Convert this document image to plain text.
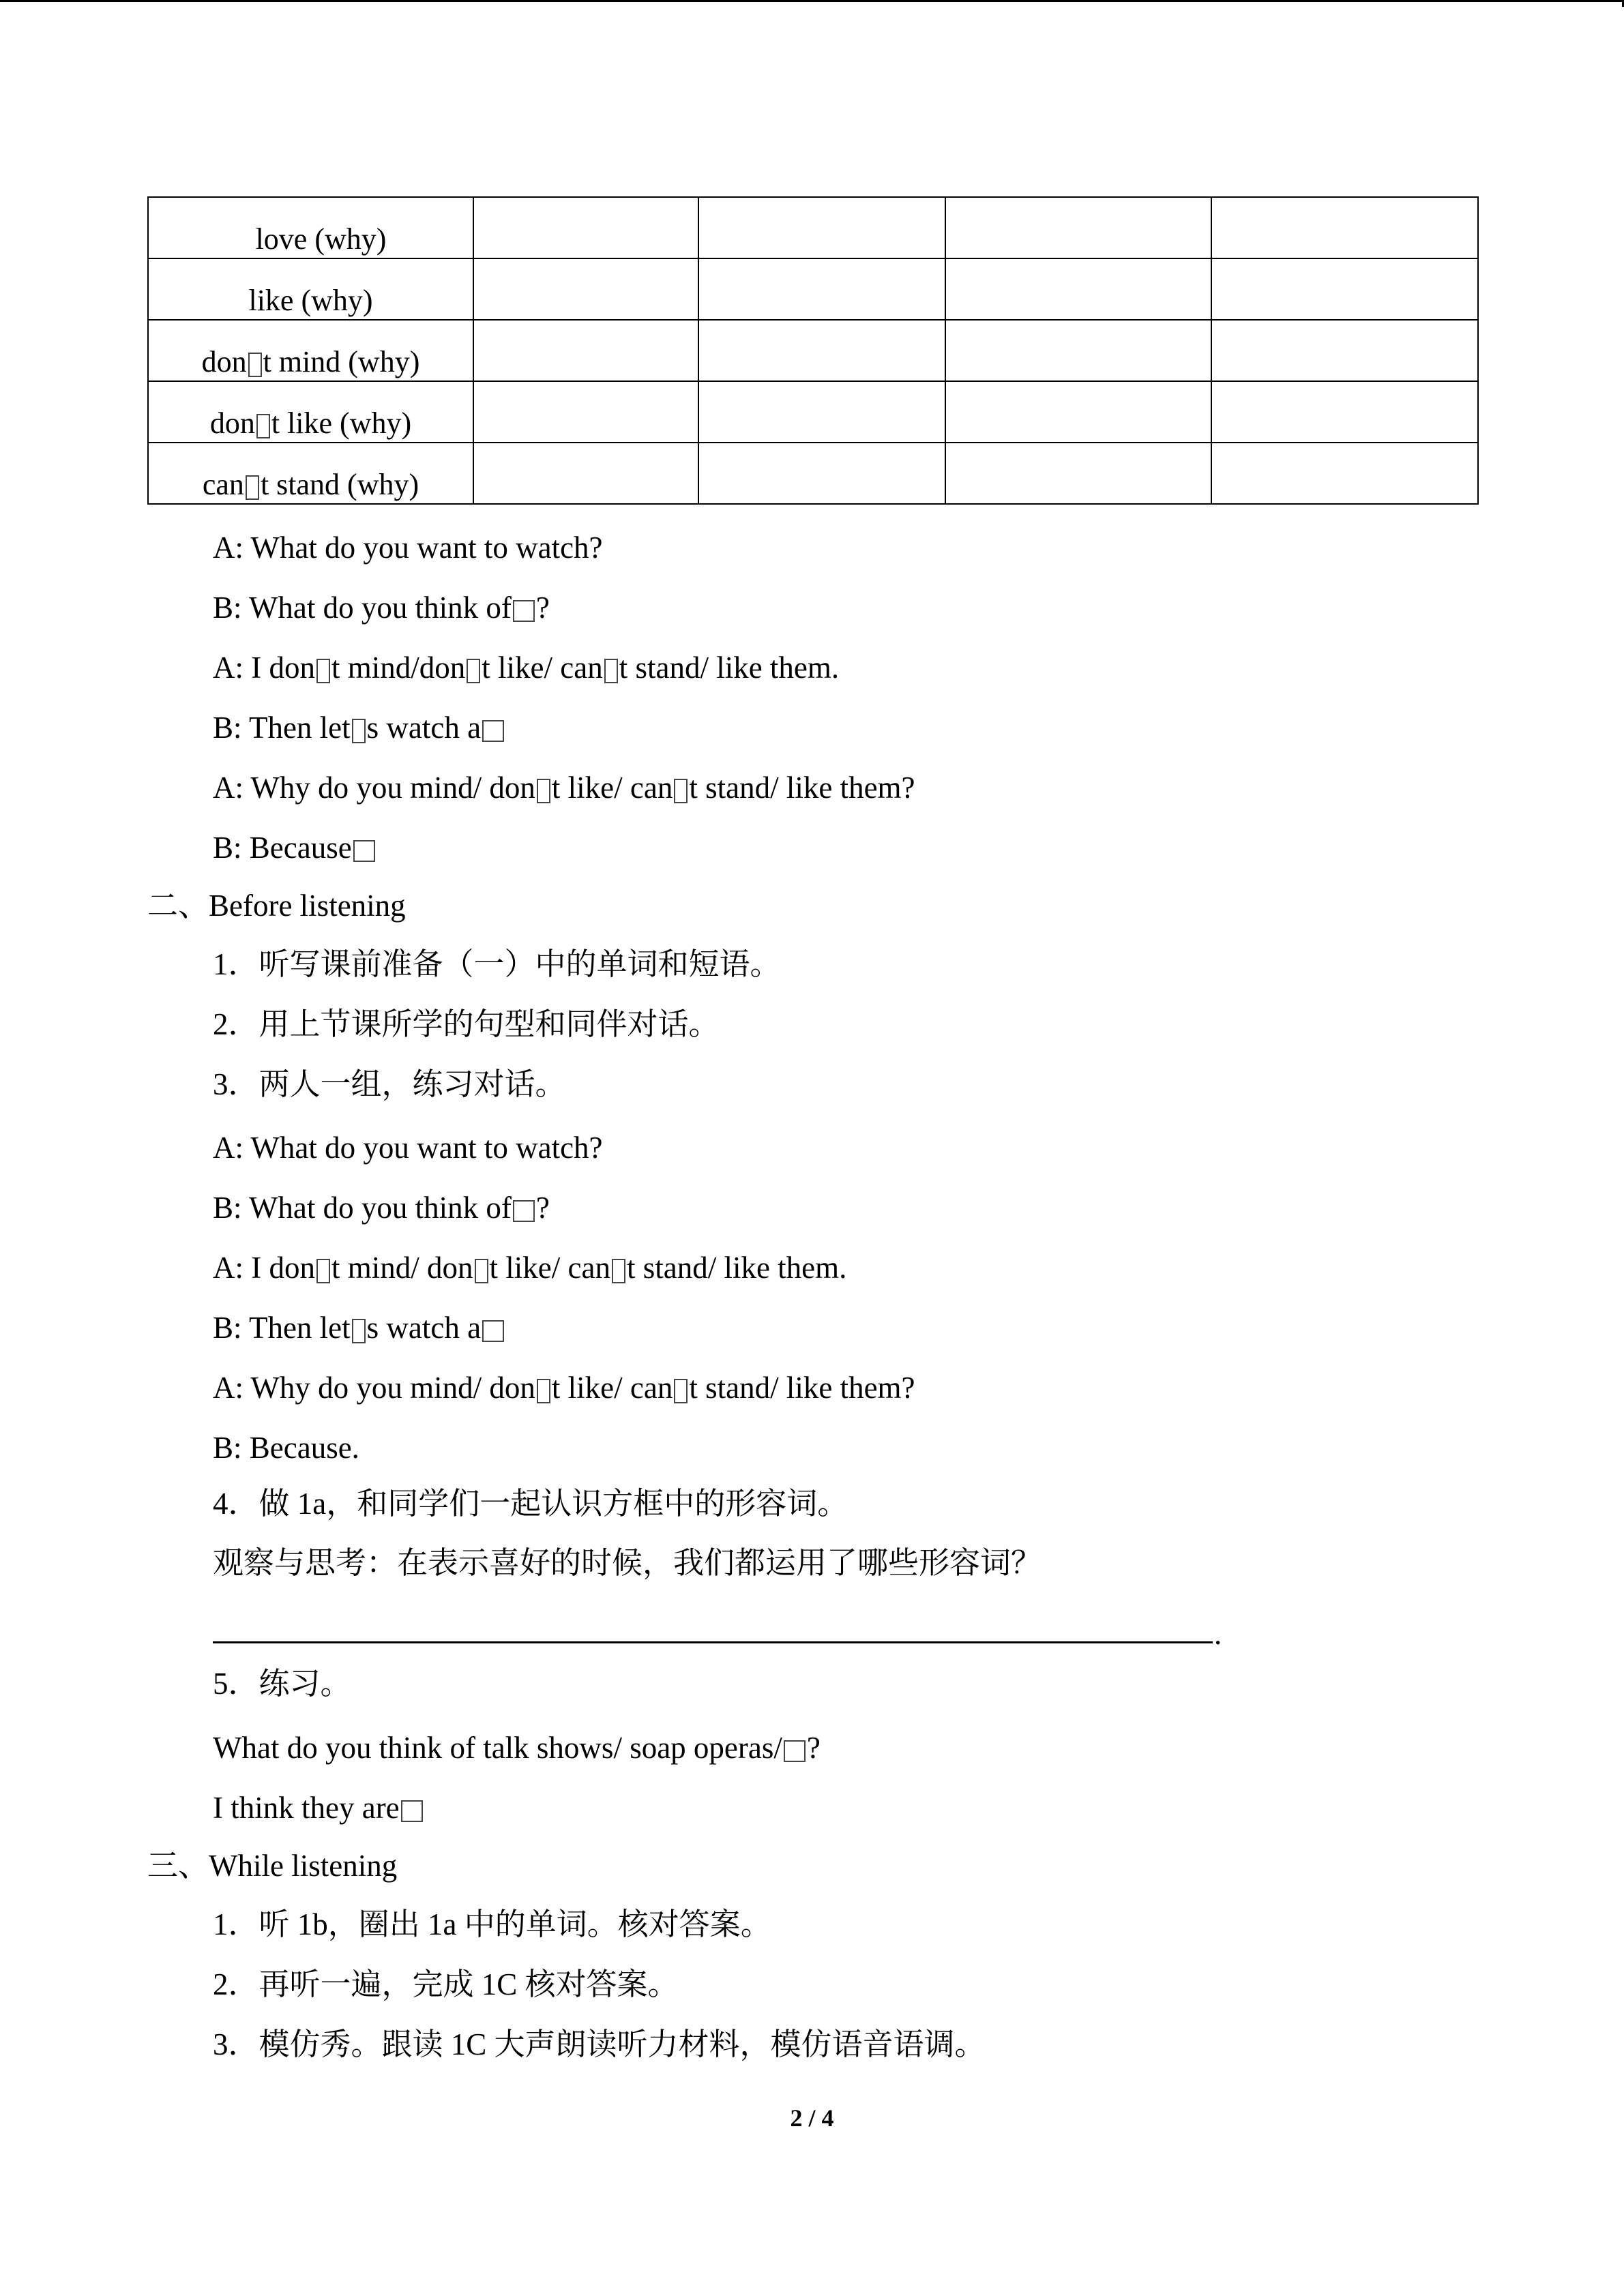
love (why)				
like (why)				
don t mind (why)				
don t like (why)				
can t stand (why)				
A: What do you want to watch?
B: What do you think of ?
A: I don t mind/don t like/ can t stand/ like them.
B: Then let s watch a
A: Why do you mind/ don t like/ can t stand/ like them?
B: Because
二、Before listening
1．听写课前准备（一）中的单词和短语。
2．用上节课所学的句型和同伴对话。
3．两人一组，练习对话。
A: What do you want to watch?
B: What do you think of ?
A: I don t mind/ don t like/ can t stand/ like them.
B: Then let s watch a
A: Why do you mind/ don t like/ can t stand/ like them?
B: Because.
4．做 1a，和同学们一起认识方框中的形容词。
观察与思考：在表示喜好的时候，我们都运用了哪些形容词？
.
5．练习。
What do you think of talk shows/ soap operas/ ?
I think they are
三、While listening
1．听 1b，圈出 1a 中的单词。核对答案。
2．再听一遍，完成 1C 核对答案。
3．模仿秀。跟读 1C 大声朗读听力材料，模仿语音语调。
2 / 4
